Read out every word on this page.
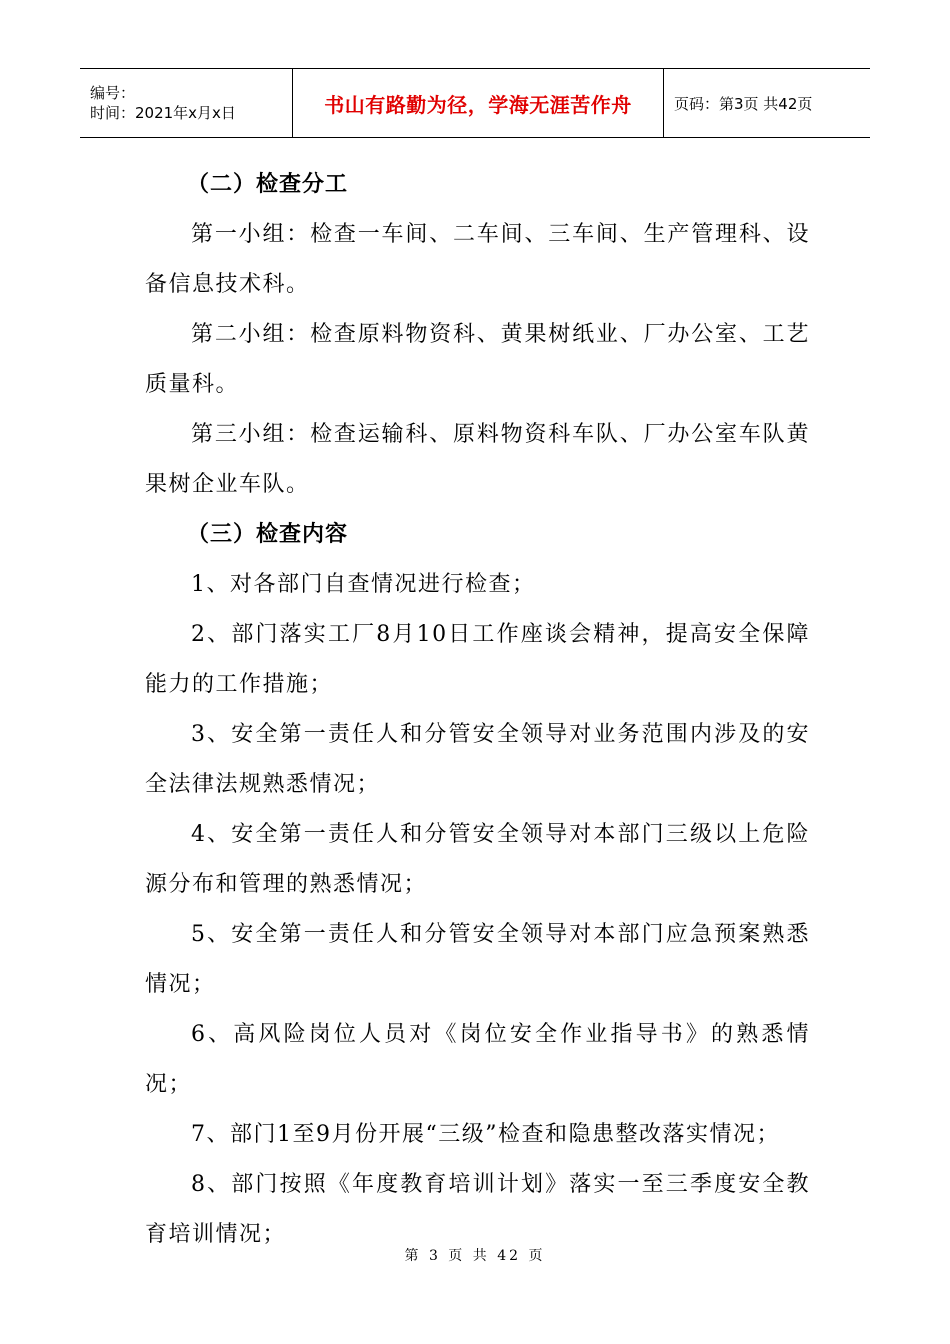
编号：
时间：2021年x月x日	书山有路勤为径，学海无涯苦作舟	页码：第3页 共42页

（二）检查分工

第一小组：检查一车间、二车间、三车间、生产管理科、设备信息技术科。

第二小组：检查原料物资科、黄果树纸业、厂办公室、工艺质量科。

第三小组：检查运输科、原料物资科车队、厂办公室车队黄果树企业车队。

（三）检查内容

1、对各部门自查情况进行检查；

2、部门落实工厂8月10日工作座谈会精神，提高安全保障能力的工作措施；

3、安全第一责任人和分管安全领导对业务范围内涉及的安全法律法规熟悉情况；

4、安全第一责任人和分管安全领导对本部门三级以上危险源分布和管理的熟悉情况；

5、安全第一责任人和分管安全领导对本部门应急预案熟悉情况；

6、高风险岗位人员对《岗位安全作业指导书》的熟悉情况；

7、部门1至9月份开展“三级”检查和隐患整改落实情况；

8、部门按照《年度教育培训计划》落实一至三季度安全教育培训情况；

第 3 页 共 42 页
